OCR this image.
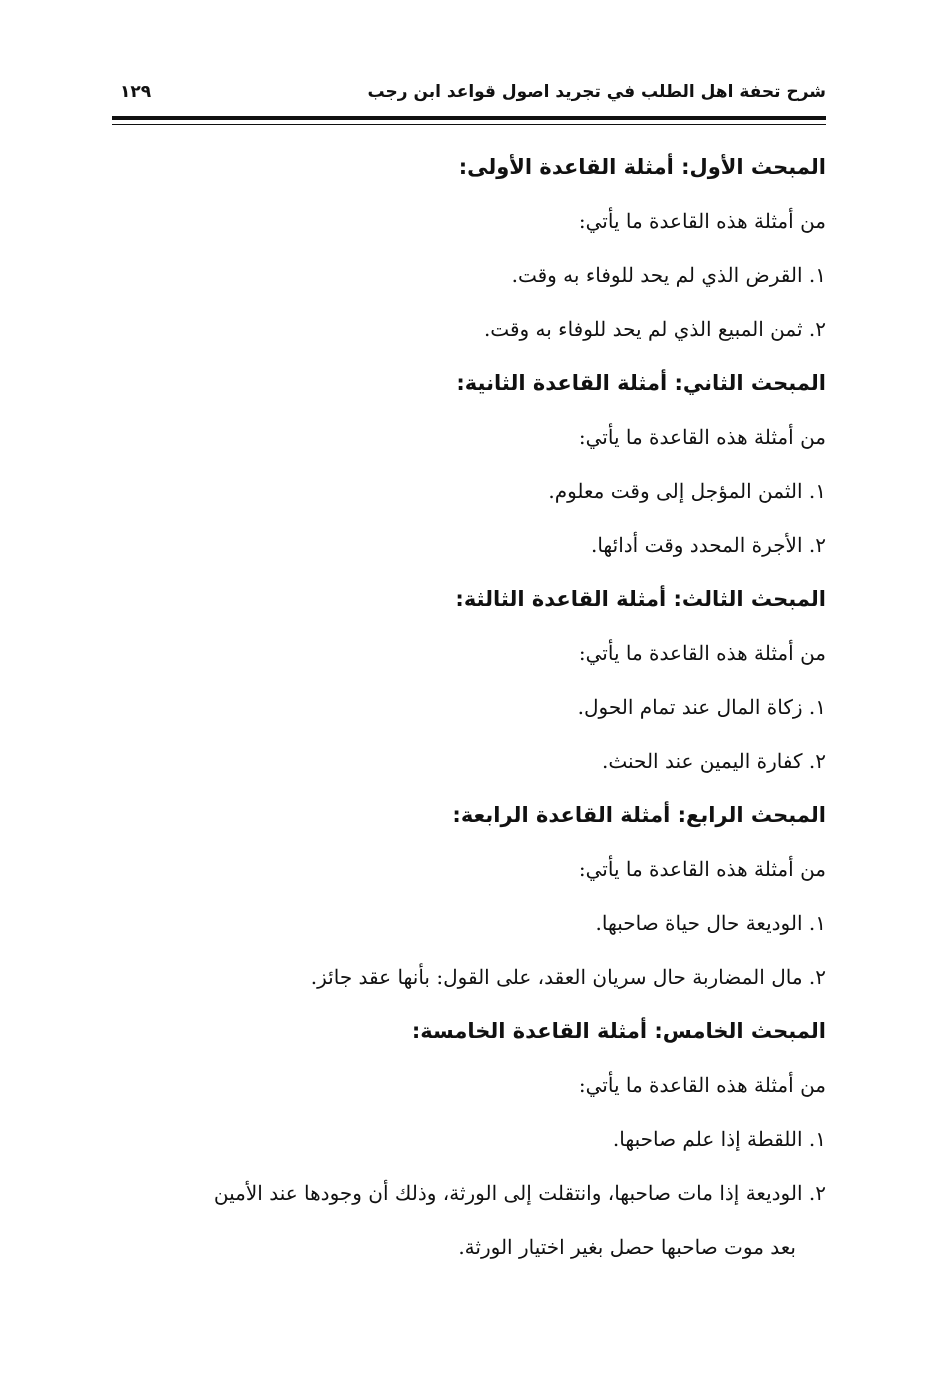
شرح تحفة اهل الطلب في تجريد اصول قواعد ابن رجب
١٢٩
المبحث الأول: أمثلة القاعدة الأولى:
من أمثلة هذه القاعدة ما يأتي:
١. القرض الذي لم يحد للوفاء به وقت.
٢. ثمن المبيع الذي لم يحد للوفاء به وقت.
المبحث الثاني: أمثلة القاعدة الثانية:
من أمثلة هذه القاعدة ما يأتي:
١. الثمن المؤجل إلى وقت معلوم.
٢. الأجرة المحدد وقت أدائها.
المبحث الثالث: أمثلة القاعدة الثالثة:
من أمثلة هذه القاعدة ما يأتي:
١. زكاة المال عند تمام الحول.
٢. كفارة اليمين عند الحنث.
المبحث الرابع: أمثلة القاعدة الرابعة:
من أمثلة هذه القاعدة ما يأتي:
١. الوديعة حال حياة صاحبها.
٢. مال المضاربة حال سريان العقد، على القول: بأنها عقد جائز.
المبحث الخامس: أمثلة القاعدة الخامسة:
من أمثلة هذه القاعدة ما يأتي:
١. اللقطة إذا علم صاحبها.
٢. الوديعة إذا مات صاحبها، وانتقلت إلى الورثة، وذلك أن وجودها عند الأمين
بعد موت صاحبها حصل بغير اختيار الورثة.
